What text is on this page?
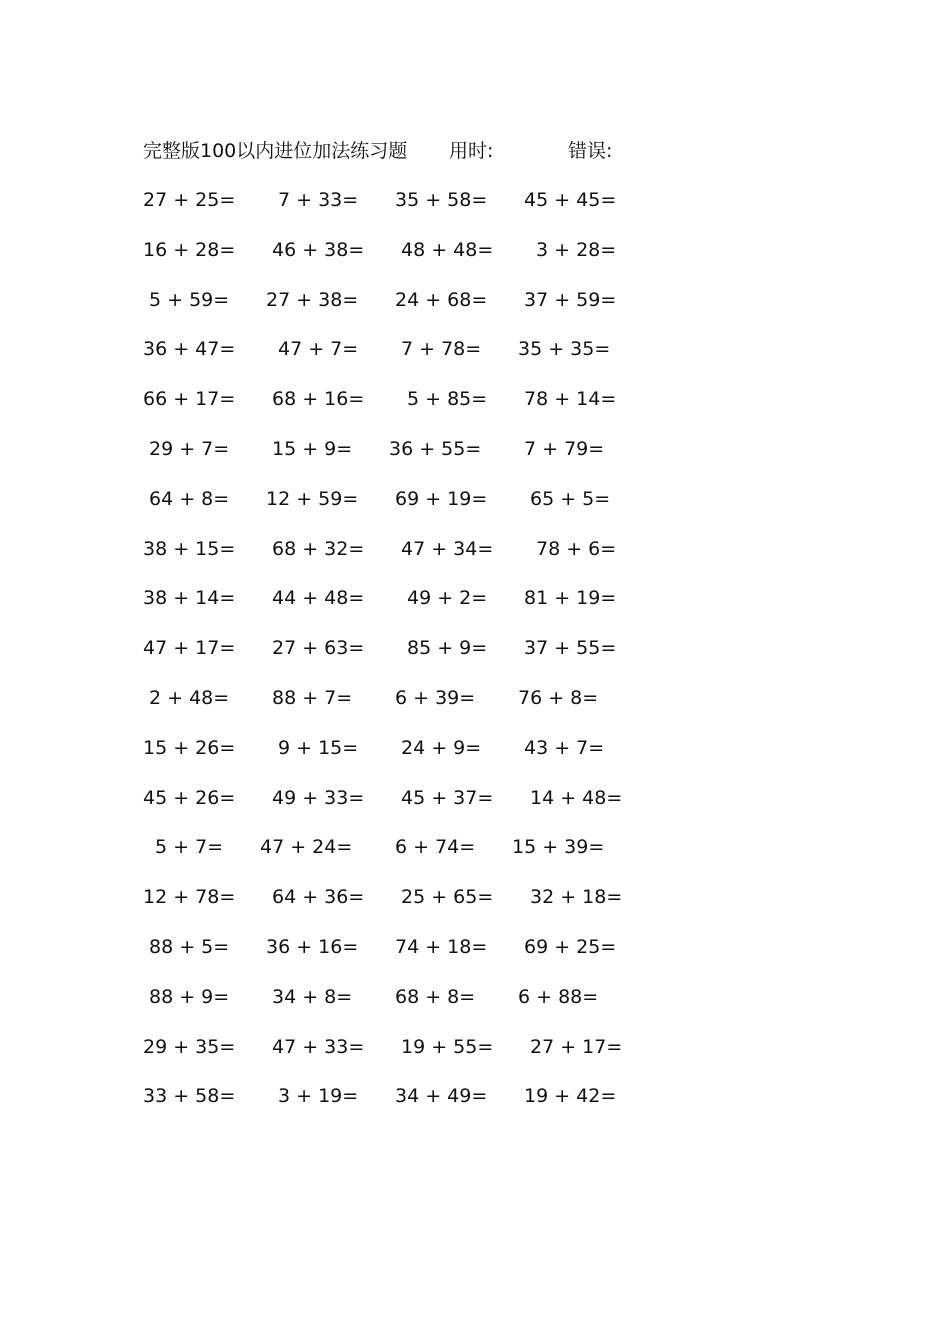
完整版100以内进位加法练习题 用时:	错误:
27 + 25= 7 + 33= 35 + 58= 45 + 45=
16 + 28= 46 + 38= 48 + 48= 3 + 28=
5 + 59= 27 + 38= 24 + 68= 37 + 59=
36 + 47= 47 + 7= 7 + 78= 35 + 35=
66 + 17= 68 + 16= 5 + 85= 78 + 14=
29 + 7= 15 + 9= 36 + 55= 7 + 79=
64 + 8= 12 + 59= 69 + 19= 65 + 5=
38 + 15= 68 + 32= 47 + 34= 78 + 6=
38 + 14= 44 + 48= 49 + 2= 81 + 19=
47 + 17= 27 + 63= 85 + 9= 37 + 55=
2 + 48= 88 + 7= 6 + 39= 76 + 8=
15 + 26= 9 + 15= 24 + 9= 43 + 7=
45 + 26= 49 + 33= 45 + 37= 14 + 48=
5 + 7= 47 + 24= 6 + 74= 15 + 39=
12 + 78= 64 + 36= 25 + 65= 32 + 18=
88 + 5= 36 + 16= 74 + 18= 69 + 25=
88 + 9= 34 + 8= 68 + 8= 6 + 88=
29 + 35= 47 + 33= 19 + 55= 27 + 17=
33 + 58= 3 + 19= 34 + 49= 19 + 42=
